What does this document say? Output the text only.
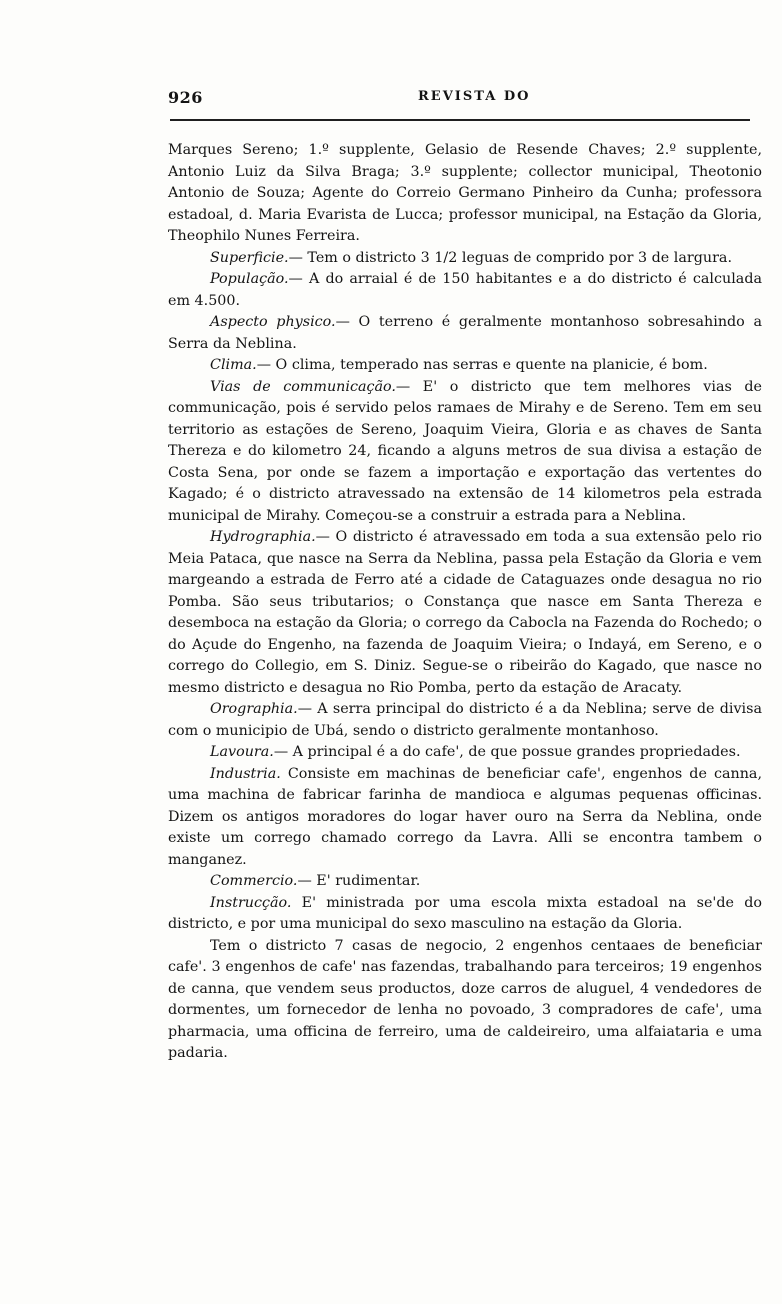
926	REVISTA DO

Marques Sereno; 1.º supplente, Gelasio de Resende Chaves; 2.º supplente, Antonio Luiz da Silva Braga; 3.º supplente; collector municipal, Theotonio Antonio de Souza; Agente do Correio Germano Pinheiro da Cunha; professora estadoal, d. Maria Evarista de Lucca; professor municipal, na Estação da Gloria, Theophilo Nunes Ferreira.

Superficie.— Tem o districto 3 1/2 leguas de comprido por 3 de largura.

População.— A do arraial é de 150 habitantes e a do districto é calculada em 4.500.

Aspecto physico.— O terreno é geralmente montanhoso sobresahindo a Serra da Neblina.

Clima.— O clima, temperado nas serras e quente na planicie, é bom.

Vias de communicação.— E' o districto que tem melhores vias de communicação, pois é servido pelos ramaes de Mirahy e de Sereno. Tem em seu territorio as estações de Sereno, Joaquim Vieira, Gloria e as chaves de Santa Thereza e do kilometro 24, ficando a alguns metros de sua divisa a estação de Costa Sena, por onde se fazem a importação e exportação das vertentes do Kagado; é o districto atravessado na extensão de 14 kilometros pela estrada municipal de Mirahy. Começou-se a construir a estrada para a Neblina.

Hydrographia.— O districto é atravessado em toda a sua extensão pelo rio Meia Pataca, que nasce na Serra da Neblina, passa pela Estação da Gloria e vem margeando a estrada de Ferro até a cidade de Cataguazes onde desagua no rio Pomba. São seus tributarios; o Constança que nasce em Santa Thereza e desemboca na estação da Gloria; o corrego da Cabocla na Fazenda do Rochedo; o do Açude do Engenho, na fazenda de Joaquim Vieira; o Indayá, em Sereno, e o corrego do Collegio, em S. Diniz. Segue-se o ribeirão do Kagado, que nasce no mesmo districto e desagua no Rio Pomba, perto da estação de Aracaty.

Orographia.— A serra principal do districto é a da Neblina; serve de divisa com o municipio de Ubá, sendo o districto geralmente montanhoso.

Lavoura.— A principal é a do cafe', de que possue grandes propriedades.

Industria. Consiste em machinas de beneficiar cafe', engenhos de canna, uma machina de fabricar farinha de mandioca e algumas pequenas officinas. Dizem os antigos moradores do logar haver ouro na Serra da Neblina, onde existe um corrego chamado corrego da Lavra. Alli se encontra tambem o manganez.

Commercio.— E' rudimentar.

Instrucção. E' ministrada por uma escola mixta estadoal na se'de do districto, e por uma municipal do sexo masculino na estação da Gloria.

Tem o districto 7 casas de negocio, 2 engenhos centaaes de beneficiar cafe'. 3 engenhos de cafe' nas fazendas, trabalhando para terceiros; 19 engenhos de canna, que vendem seus productos, doze carros de aluguel, 4 vendedores de dormentes, um fornecedor de lenha no povoado, 3 compradores de cafe', uma pharmacia, uma officina de ferreiro, uma de caldeireiro, uma alfaiataria e uma padaria.
